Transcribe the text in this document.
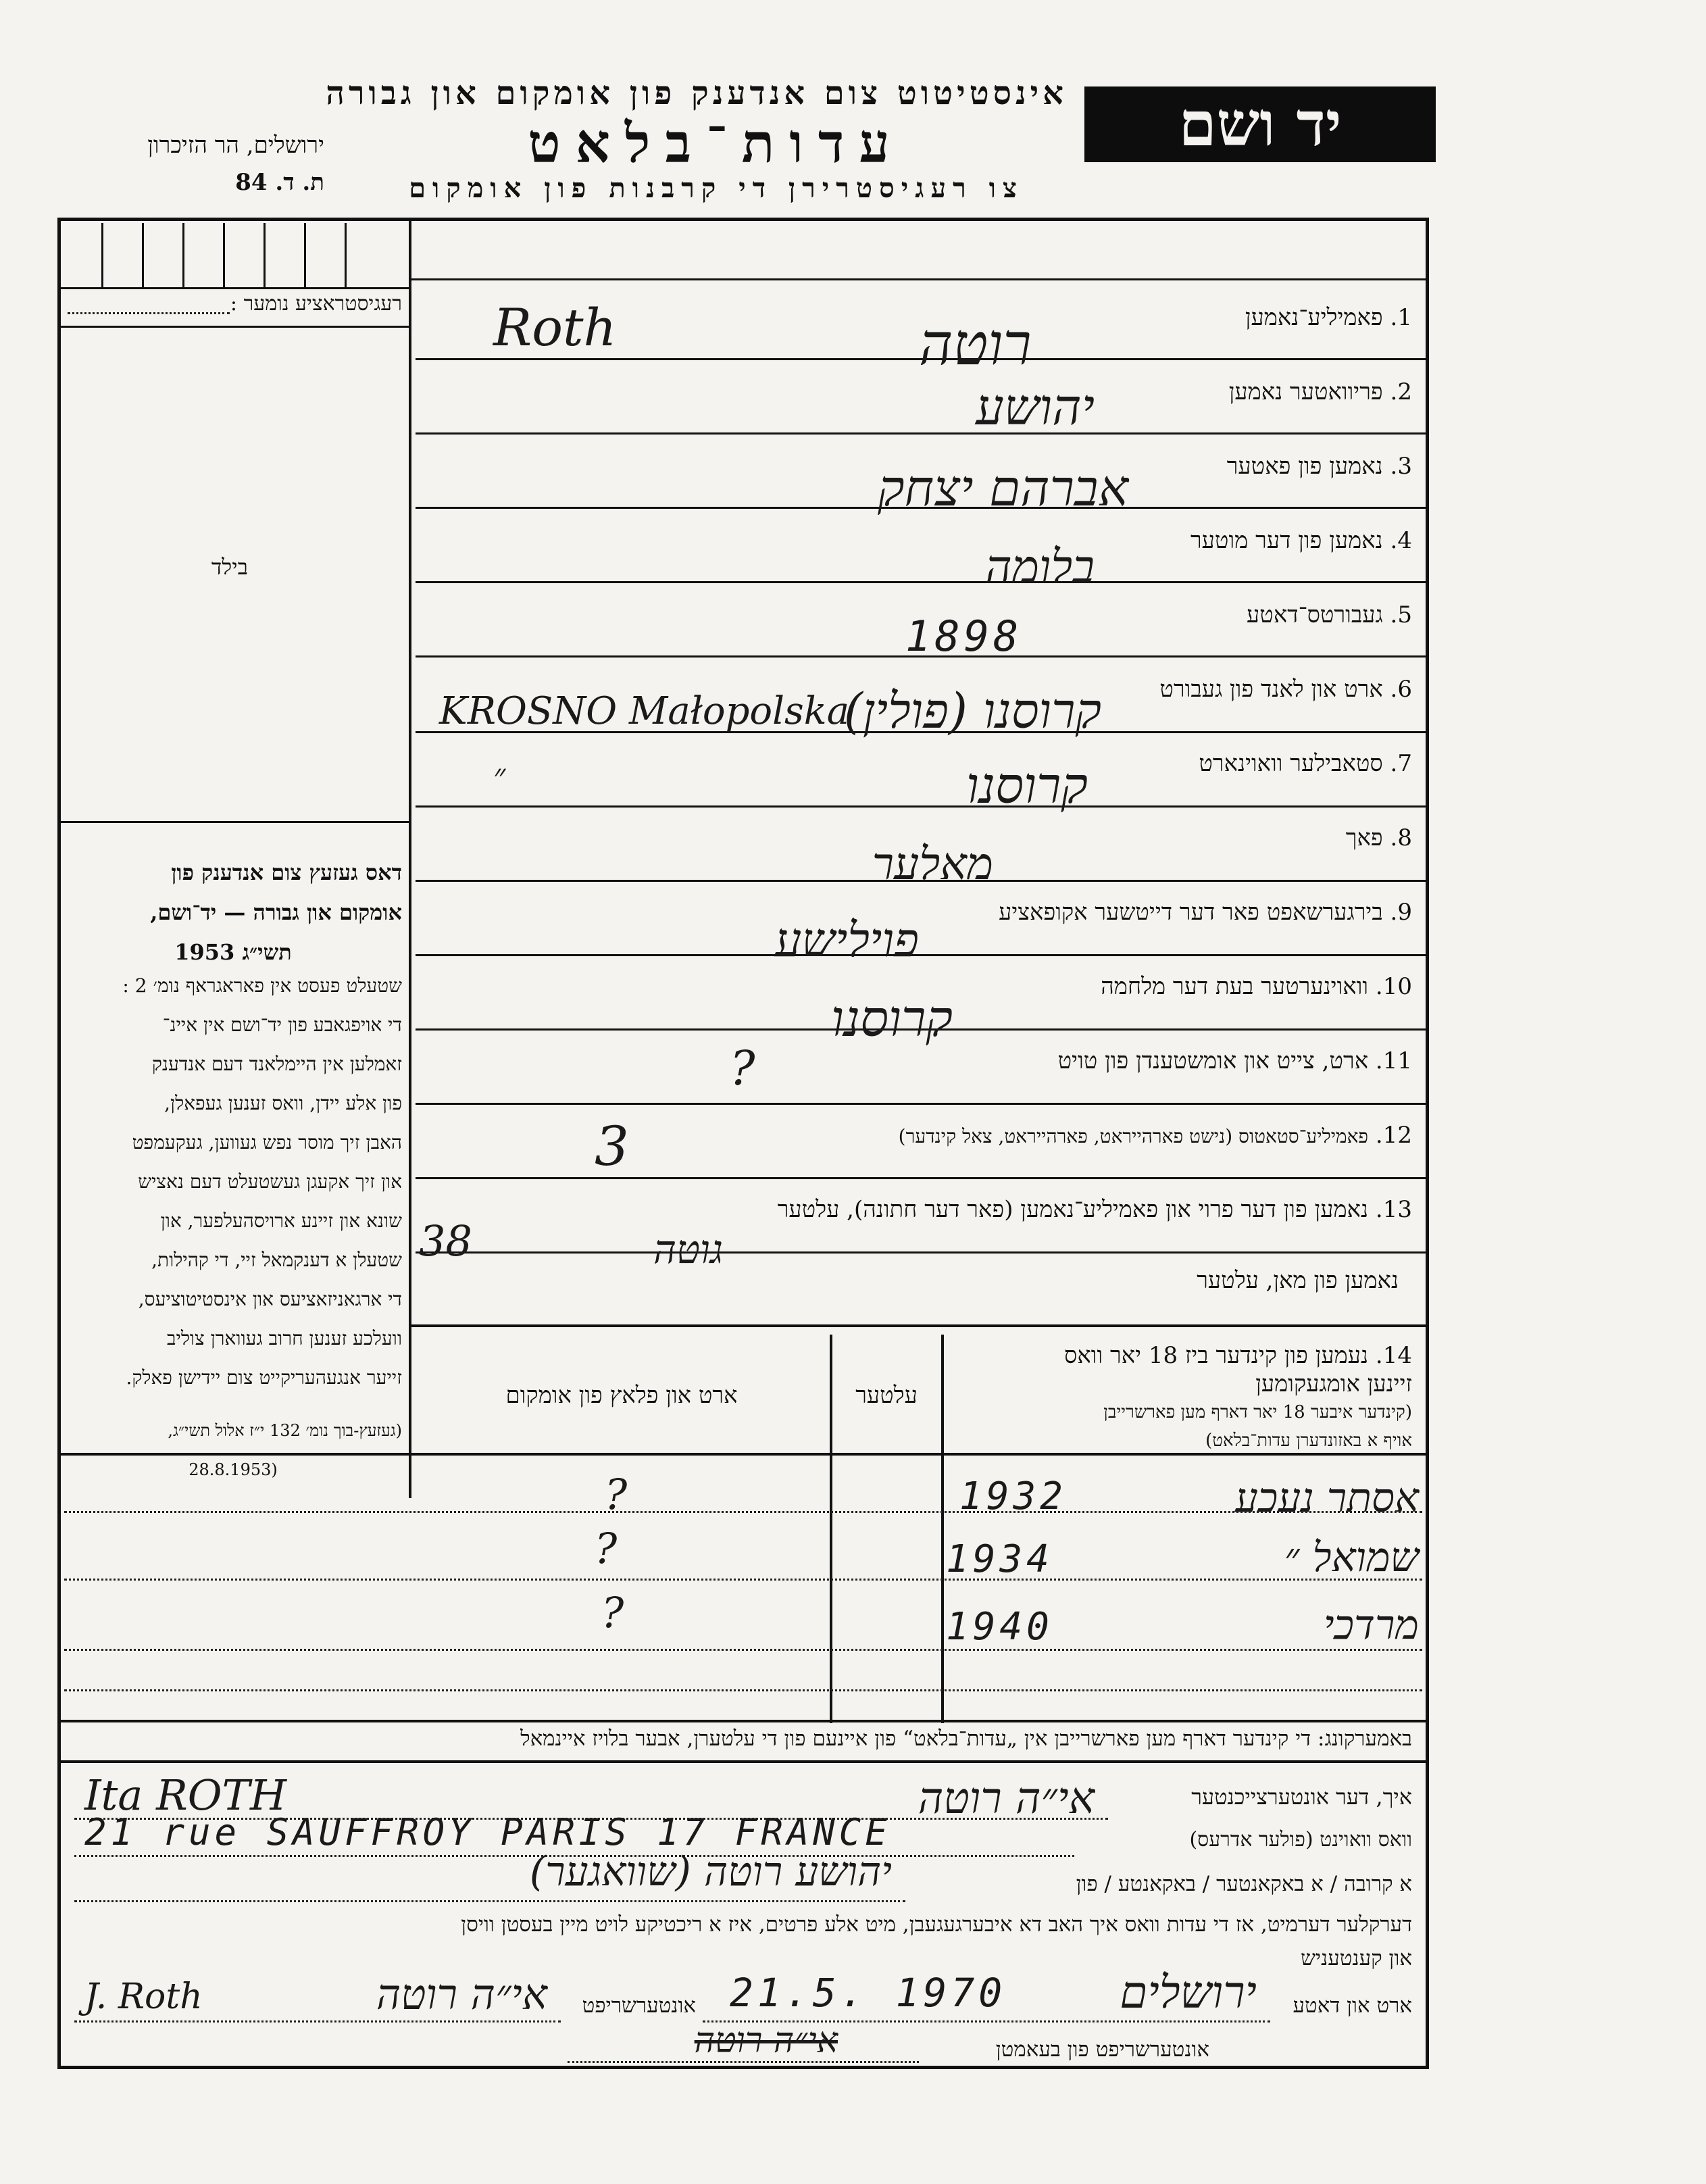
יד ושם
אינסטיטוט צום אנדענק פון אומקום און גבורה
עדות־בלאט
צו רעגיסטרירן די קרבנות פון אומקום
ירושלים, הר הזיכרון
ת. ד. 84
רעגיסטראציע נומער :
בילד
דאס געזעץ צום אנדענק פון
אומקום און גבורה — יד־ושם,
תשי״ג 1953
שטעלט פעסט אין פאראגראף נומ׳ 2 :
די אויפגאבע פון יד־ושם אין איינ־
זאמלען אין היימלאנד דעם אנדענק
פון אלע יידן, וואס זענען געפאלן,
האבן זיך מוסר נפש געווען, געקעמפט
און זיך אקעגן געשטעלט דעם נאציש
שונא און זיינע ארויסהעלפער, און
שטעלן א דענקמאל זיי, די קהילות,
די ארגאניזאציעס און אינסטיטוציעס,
וועלכע זענען חרוב געווארן צוליב
זייער אנגעהעריקייט צום יידישן פאלק.
(געזעץ-בוך נומ׳ 132 י״ז אלול תשי״ג,
(28.8.1953
1. פאמיליע־נאמען
Roth	רוטה
2. פריוואטער נאמען
יהושע
3. נאמען פון פאטער
אברהם יצחק
4. נאמען פון דער מוטער
בלומה
5. געבורטס־דאטע
1898
6. ארט און לאנד פון געבורט
KROSNO Małopolska
קרוסנו (פולין)
7. סטאבילער וואוינארט
״	קרוסנו
8. פאך
מאלער
9. בירגערשאפט פאר דער דייטשער אקופאציע
פוילישע
10. וואוינערטער בעת דער מלחמה
קרוסנו
11. ארט, צייט און אומשטענדן פון טויט
?
12. פאמיליע־סטאטוס (נישט פארהייראט, פארהייראט, צאל קינדער)
3
13. נאמען פון דער פרוי און פאמיליע־נאמען (פאר דער חתונה), עלטער
38	גוטה
נאמען פון מאן, עלטער
14. נעמען פון קינדער ביז 18 יאר וואס
זיינען אומגעקומען
(קינדער איבער 18 יאר דארף מען פארשרייבן
אויף א באזונדערן עדות־בלאט)
עלטער
ארט און פלאץ פון אומקום
?	1932	אסתר נעכע
?	1934	שמואל ״
?	1940	מרדכי
באמערקונג: די קינדער דארף מען פארשרייבן אין „עדות־בלאט“ פון איינעם פון די עלטערן, אבער בלויז איינמאל
איך, דער אונטערצייכנטער
Ita ROTH	אי״ה רוטה
וואס וואוינט (פולער אדרעס)
21 rue SAUFFROY PARIS 17 FRANCE
א קרובה / א באקאנטער / באקאנטע / פון
יהושע רוטה (שוואגער)
דערקלער דערמיט, אז די עדות וואס איך האב דא איבערגעגעבן, מיט אלע פרטים, איז א ריכטיקע לויט מיין בעסטן וויסן
און קענטעניש
ארט און דאטע
ירושלים
21.5. 1970
אונטערשריפט
J. Roth	אי״ה רוטה
אונטערשריפט פון בעאמטן
אי״ה רוטה
